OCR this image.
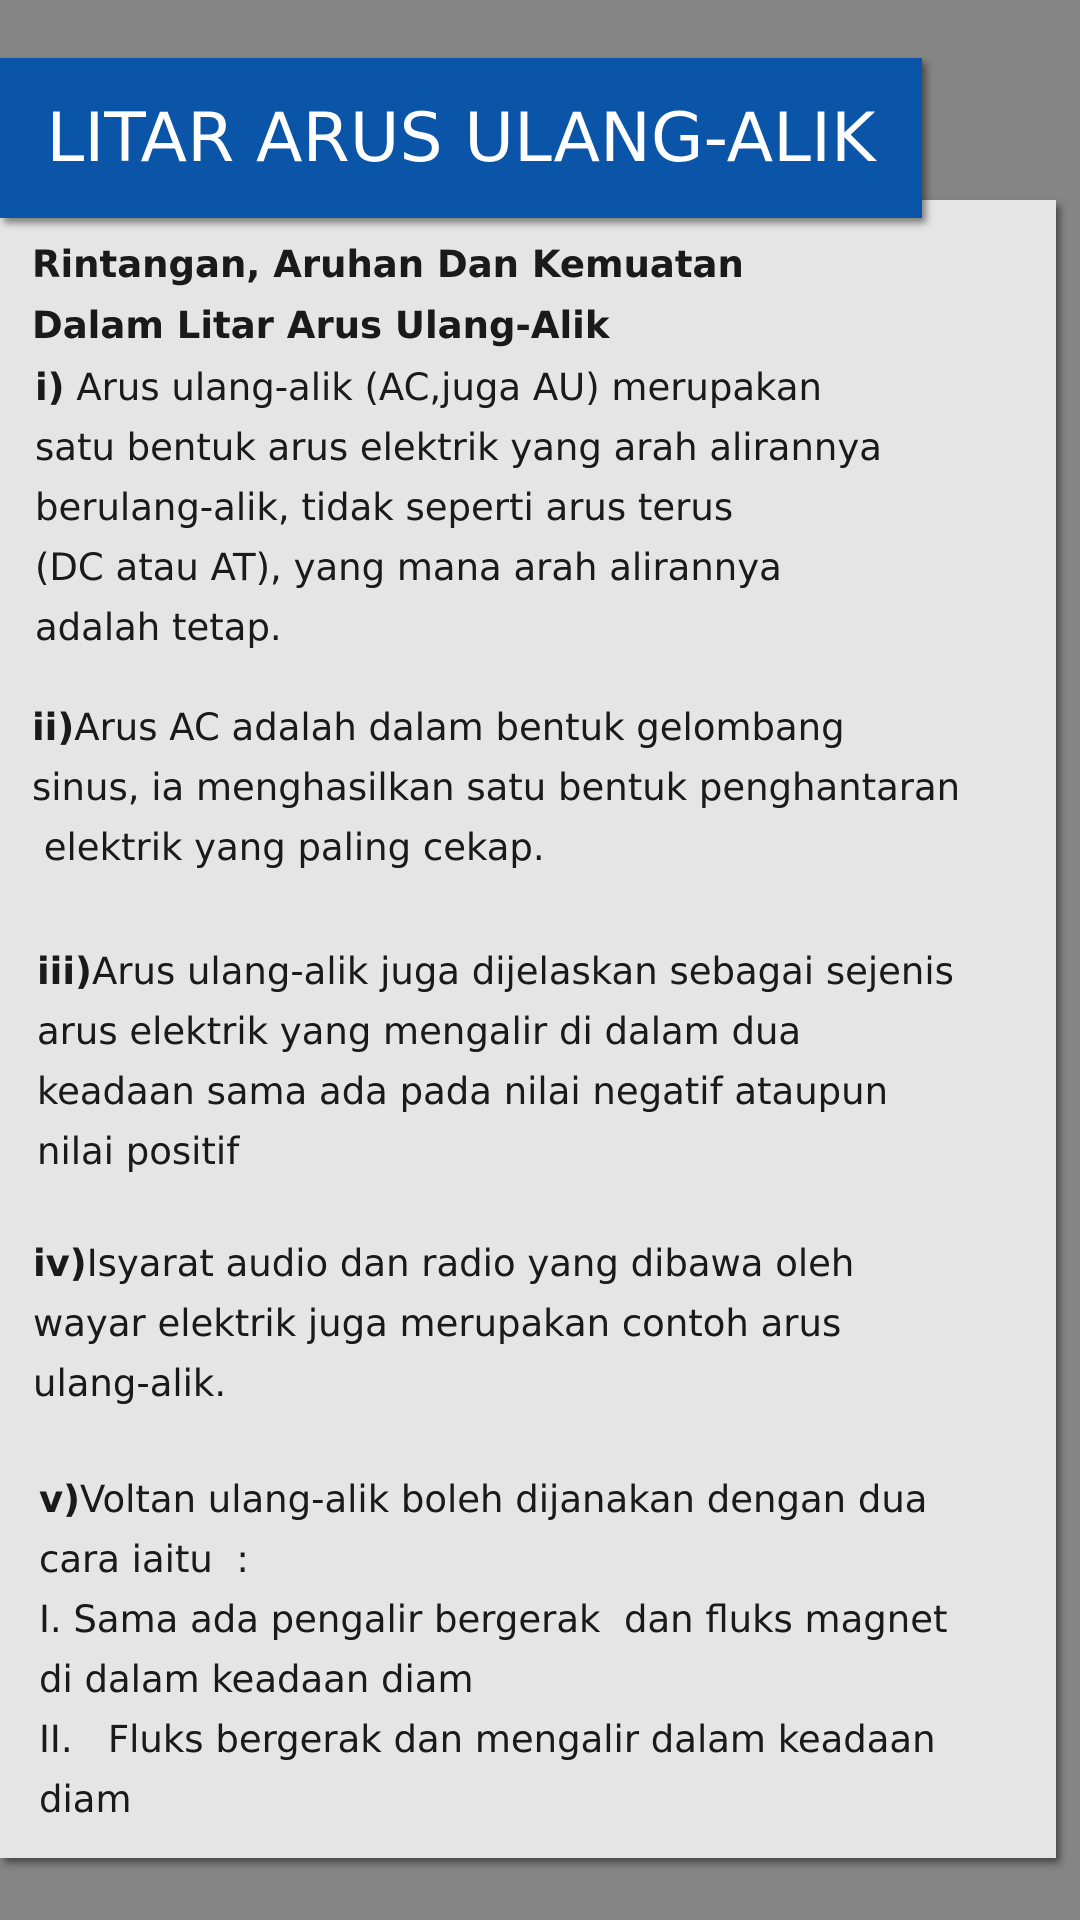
LITAR ARUS ULANG-ALIK
Rintangan, Aruhan Dan Kemuatan
Dalam Litar Arus Ulang-Alik
i) Arus ulang-alik (AC,juga AU) merupakan
satu bentuk arus elektrik yang arah alirannya
berulang-alik, tidak seperti arus terus
(DC atau AT), yang mana arah alirannya
adalah tetap.
ii)Arus AC adalah dalam bentuk gelombang
sinus, ia menghasilkan satu bentuk penghantaran
elektrik yang paling cekap.
iii)Arus ulang-alik juga dijelaskan sebagai sejenis
arus elektrik yang mengalir di dalam dua
keadaan sama ada pada nilai negatif ataupun
nilai positif
iv)Isyarat audio dan radio yang dibawa oleh
wayar elektrik juga merupakan contoh arus
ulang-alik.
v)Voltan ulang-alik boleh dijanakan dengan dua
cara iaitu  :
I. Sama ada pengalir bergerak  dan fluks magnet
di dalam keadaan diam
II.   Fluks bergerak dan mengalir dalam keadaan
diam
